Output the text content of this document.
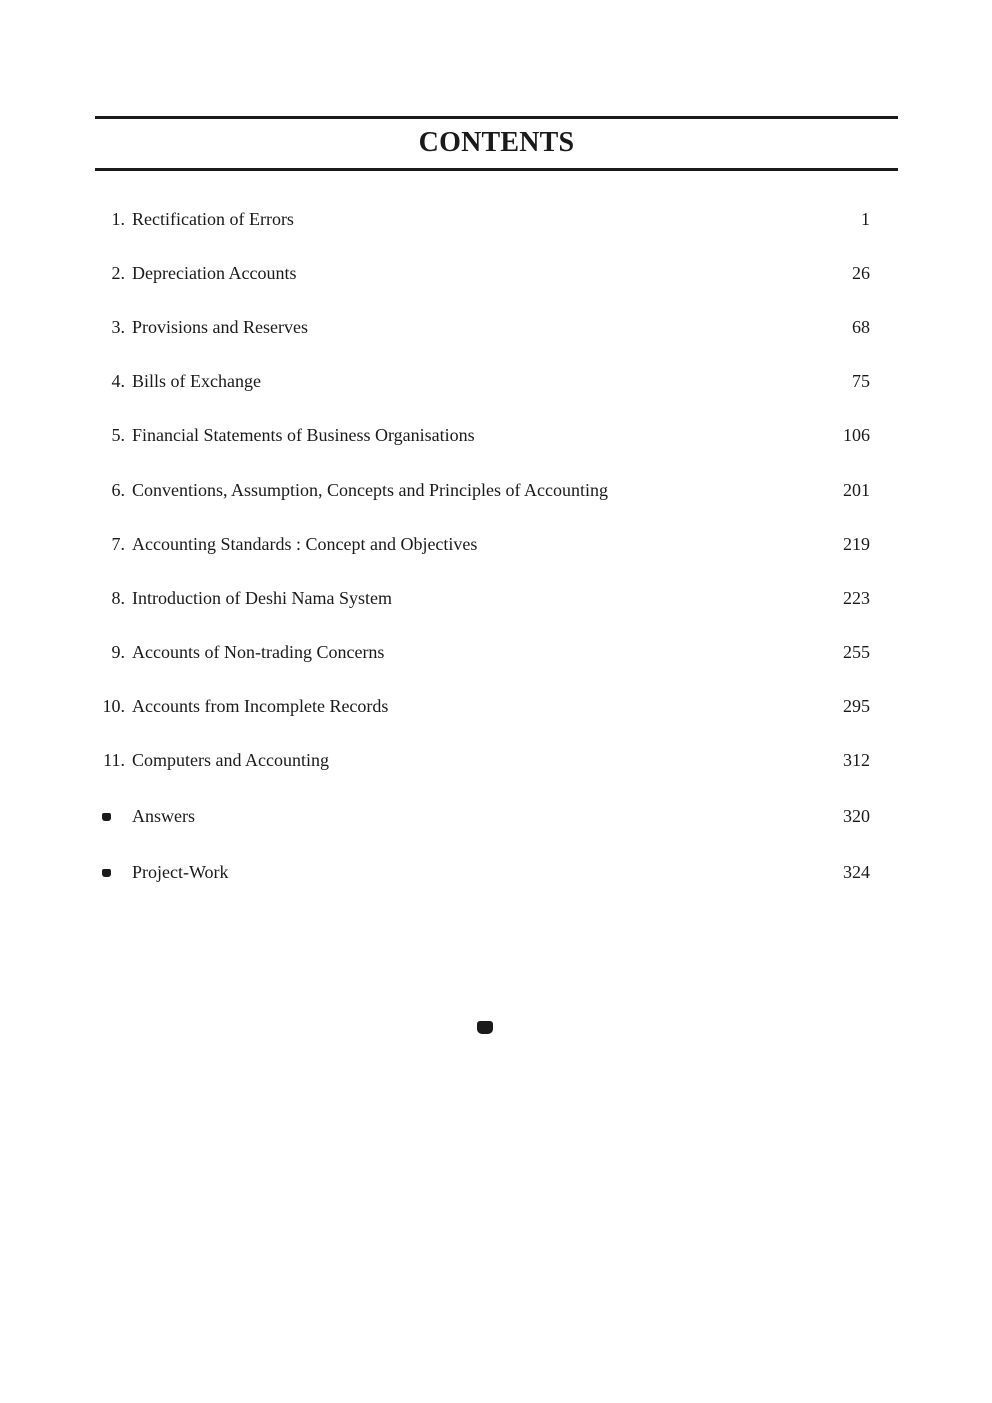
CONTENTS
1. Rectification of Errors	1
2. Depreciation Accounts	26
3. Provisions and Reserves	68
4. Bills of Exchange	75
5. Financial Statements of Business Organisations	106
6. Conventions, Assumption, Concepts and Principles of Accounting	201
7. Accounting Standards : Concept and Objectives	219
8. Introduction of Deshi Nama System	223
9. Accounts of Non-trading Concerns	255
10. Accounts from Incomplete Records	295
11. Computers and Accounting	312
Answers	320
Project-Work	324
